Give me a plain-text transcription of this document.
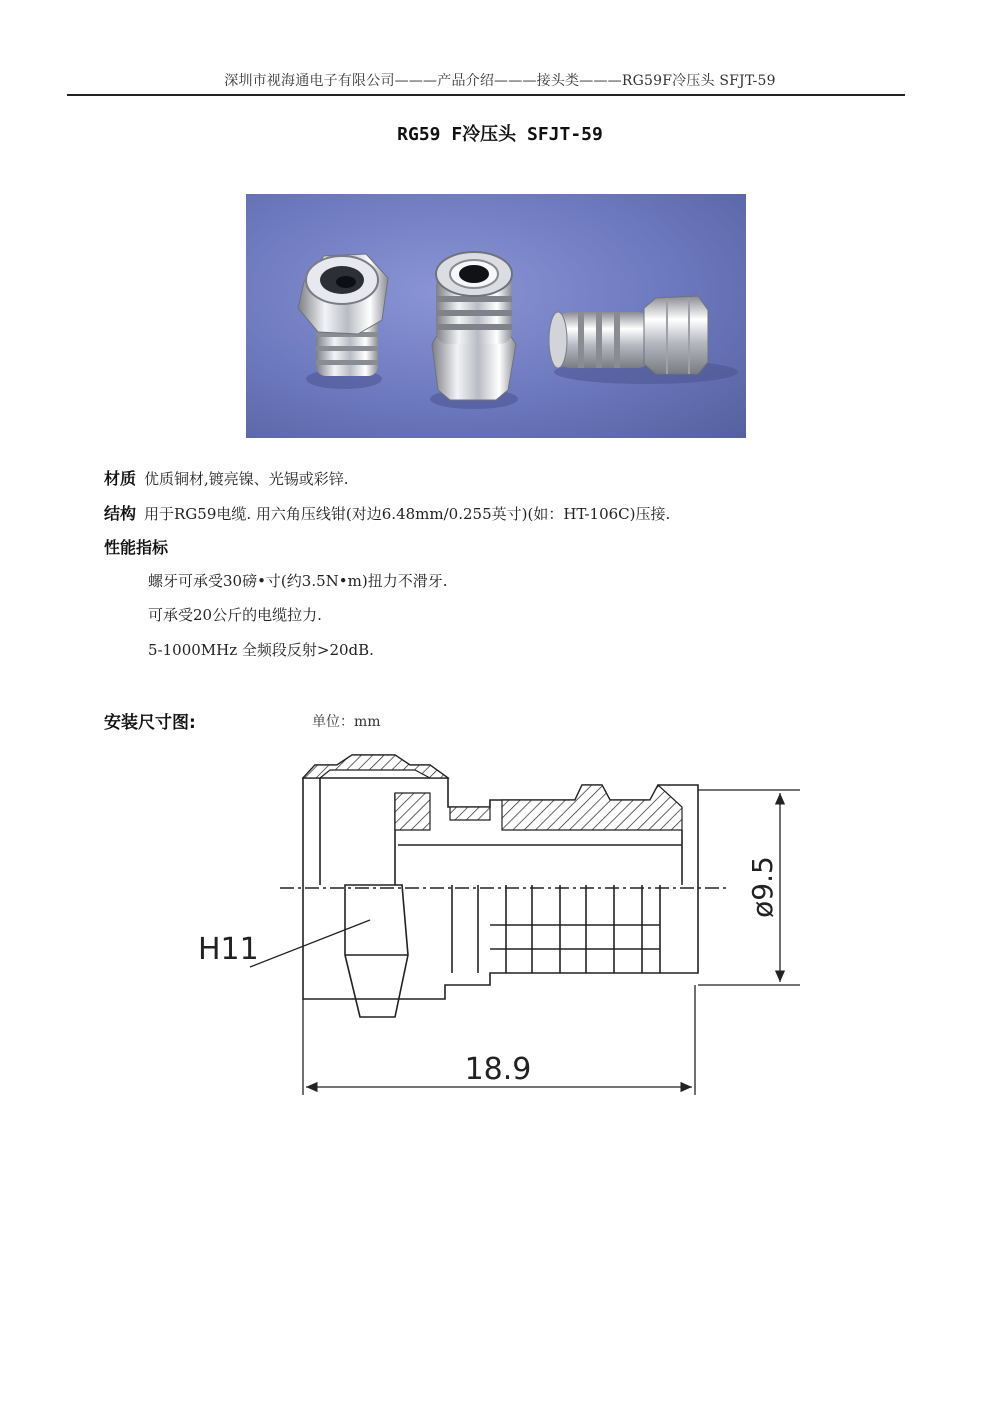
深圳市视海通电子有限公司———产品介绍———接头类———RG59F冷压头 SFJT-59
RG59 F冷压头 SFJT-59
材质 优质铜材,镀亮镍、光锡或彩锌.
结构 用于RG59电缆. 用六角压线钳(对边6.48mm/0.255英寸)(如：HT-106C)压接.
性能指标
螺牙可承受30磅•寸(约3.5N•m)扭力不滑牙.
可承受20公斤的电缆拉力.
5-1000MHz 全频段反射>20dB.
安装尺寸图:	单位：mm
ø9.5
18.9
H11
